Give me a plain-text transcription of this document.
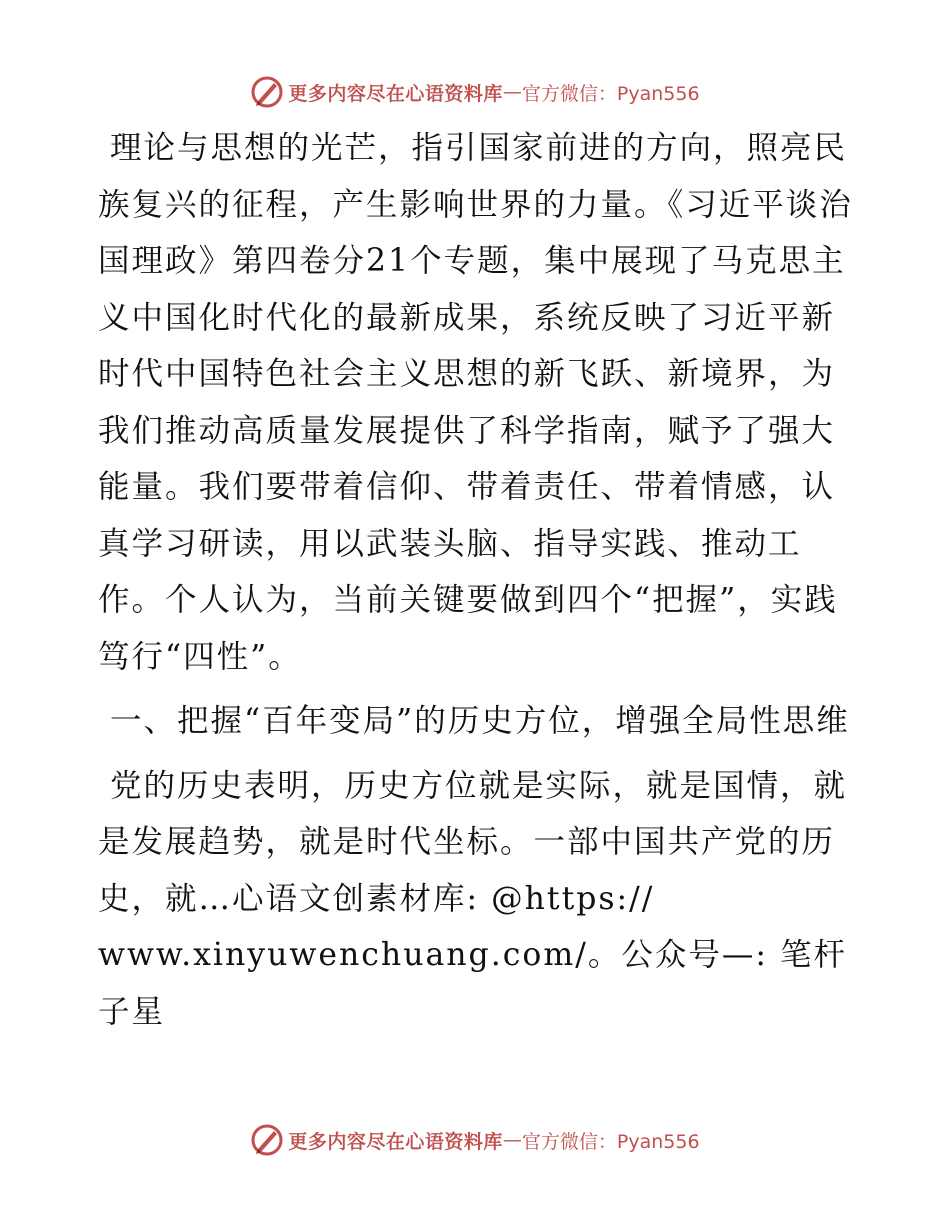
更多内容尽在心语资料库 — 官方微信：Pyan556

理论与思想的光芒，指引国家前进的方向，照亮民族复兴的征程，产生影响世界的力量。《习近平谈治国理政》第四卷分21个专题，集中展现了马克思主义中国化时代化的最新成果，系统反映了习近平新时代中国特色社会主义思想的新飞跃、新境界，为我们推动高质量发展提供了科学指南，赋予了强大能量。我们要带着信仰、带着责任、带着情感，认真学习研读，用以武装头脑、指导实践、推动工作。个人认为，当前关键要做到四个“把握”，实践笃行“四性”。

一、把握“百年变局”的历史方位，增强全局性思维

党的历史表明，历史方位就是实际，就是国情，就是发展趋势，就是时代坐标。一部中国共产党的历史，就…心语文创素材库: @https:// www.xinyuwenchuang.com/。公众号—: 笔杆子星

更多内容尽在心语资料库 — 官方微信：Pyan556
